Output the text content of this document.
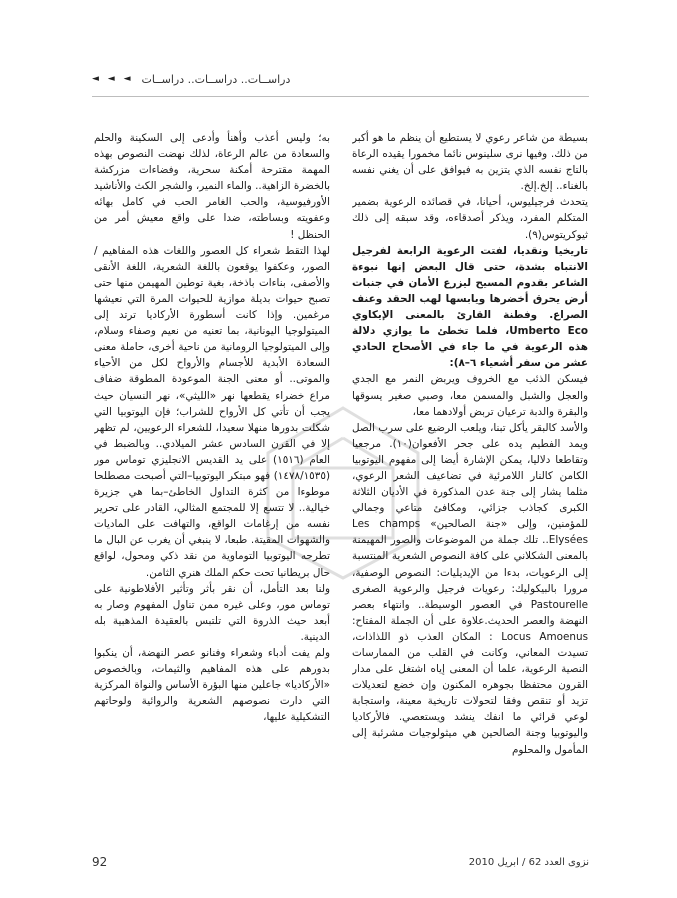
◄ ◄ ◄ دراســات.. دراســات.. دراســات

بسيطة من شاعر رعوي لا يستطيع أن ينظم ما هو أكبر من ذلك. وفيها نرى سلينوس نائما مخمورا يقيده الرعاة بالتاج نفسه الذي يتزين به فيوافق على أن يغني نفسه بالغناء.. إلخ.إلخ.

يتحدث فرجيليوس، أحيانا، في قصائده الرعوية بضمير المتكلم المفرد، ويذكر أصدقاءه، وقد سبقه إلى ذلك ثيوكريتوس(٩).

تاريخيا ونقديا، لفتت الرعوية الرابعة لفرجيل الانتباه بشدة، حتى قال البعض إنها نبوءة الشاعر بقدوم المسيح ليزرع الأمان في جنبات أرض يحرق أخضرها ويابسها لهب الحقد وعنف الصراع. وفطنة القارئ بالمعنى الإيكاوي Umberto Eco، فلما تخطئ ما يوازي دلالة هذه الرعوية في ما جاء في الأصحاح الحادي عشر من سفر أشعياء ٦–٨):

فيسكن الذئب مع الخروف ويربض النمر مع الجدي والعجل والشبل والمسمن معا، وصبي صغير يسوقها والبقرة والدبة ترعيان تربض أولادهما معا،

والأسد كالبقر يأكل تبنا، ويلعب الرضيع على سرب الصل ويمد الفطيم يده على جحر الأفعوان(١٠). مرجعيا وتقاطعا دلاليا، يمكن الإشارة أيضا إلى مفهوم اليوتوبيا الكامن كالنار اللامرئية في تضاعيف الشعر الرعوي، مثلما يشار إلى جنة عدن المذكورة في الأديان الثلاثة الكبرى كجاذب جزائي، ومكافئ متاعي وجمالي للمؤمنين، وإلى «جنة الصالحين» Les champs Elysées.. تلك جملة من الموضوعات والصور المهيمنة بالمعنى الشكلاني على كافة النصوص الشعرية المنتسبة إلى الرعويات، بدءا من الإيديليات: النصوص الوصفية، مرورا بالبيكوليك: رعويات فرجيل والرعوية الصغرى Pastourelle في العصور الوسيطة.. وانتهاء بعصر النهضة والعصر الحديث.علاوة على أن الجملة المفتاح: Locus Amoenus : المكان العذب ذو اللذاذات، تسيدت المعاني، وكانت في القلب من الممارسات النصية الرعوية، علما أن المعنى إياه اشتغل على مدار القرون محتفظا بجوهره المكنون وإن خضع لتعديلات تزيد أو تنقص وفقا لتحولات تاريخية معينة، واستجابة لوعي قرائي ما انفك ينشد ويستعصي. فالأركاديا واليوتوبيا وجنة الصالحين هي ميثولوجيات مشرئبة إلى المأمول والمحلوم

به؛ وليس أعذب وأهنأ وأدعى إلى السكينة والحلم والسعادة من عالم الرعاة، لذلك نهضت النصوص بهذه المهمة مقترحة أمكنة سحرية، وفضاءات مزركشة بالخضرة الزاهية.. والماء النمير، والشجر الكث والأناشيد الأورفيوسية، والحب الغامر الحب في كامل بهائه وعفويته وبساطته، ضدا على واقع معيش أمر من الحنظل !

لهذا التقط شعراء كل العصور واللغات هذه المفاهيم /الصور، وعكفوا يوقعون باللغة الشعرية، اللغة الأنقى والأصفى، بناءات باذخة، بغية توطين المهيمن منها حتى تصبح حيوات بديلة موازية للحيوات المرة التي نعيشها مرغمين. وإذا كانت أسطورة الأركاديا ترتد إلى الميتولوجيا اليونانية، بما تعنيه من نعيم وصفاء وسلام، وإلى الميتولوجيا الرومانية من ناحية أخرى، حاملة معنى السعادة الأبدية للأجسام والأرواح لكل من الأحياء والموتى.. أو معنى الجنة الموعودة المطوقة ضفاف مراع خضراء يقطعها نهر «الليثي»، نهر النسيان حيث يجب أن تأتي كل الأرواح للشراب؛ فإن اليوتوبيا التي شكلت بدورها منهلا سعيدا، للشعراء الرعويين، لم تظهر إلا في القرن السادس عشر الميلادي.. وبالضبط في العام (١٥١٦) على يد القديس الانجليزي توماس مور (١٤٧٨/١٥٣٥) فهو مبتكر اليوتوبيا–التي أصبحت مصطلحا موطوءا من كثرة التداول الخاطئ–بما هي جزيرة خيالية.. لا تتسع إلا للمجتمع المثالي، القادر على تحرير نفسه من إرغامات الواقع، والتهافت على الماديات والشهوات المقيتة. طبعا، لا ينبغي أن يغرب عن البال ما تطرحه اليوتوبيا التوماوية من نقد ذكي ومحول، لواقع حال بريطانيا تحت حكم الملك هنري الثامن.

ولنا بعد التأمل، أن نقر بأثر وتأثير الأفلاطونية على توماس مور، وعلى غيره ممن تناول المفهوم وصار به أبعد حيث الذروة التي تلتبس بالعقيدة المذهبية بله الدينية.

ولم يفت أدباء وشعراء وفنانو عصر النهضة، أن ينكبوا بدورهم على هذه المفاهيم والثيمات، وبالخصوص «الأركاديا» جاعلين منها البؤرة الأساس والنواة المركزية التي دارت نصوصهم الشعرية والروائية ولوحاتهم التشكيلية عليها،

92	نزوى العدد 62 / ابريل 2010
